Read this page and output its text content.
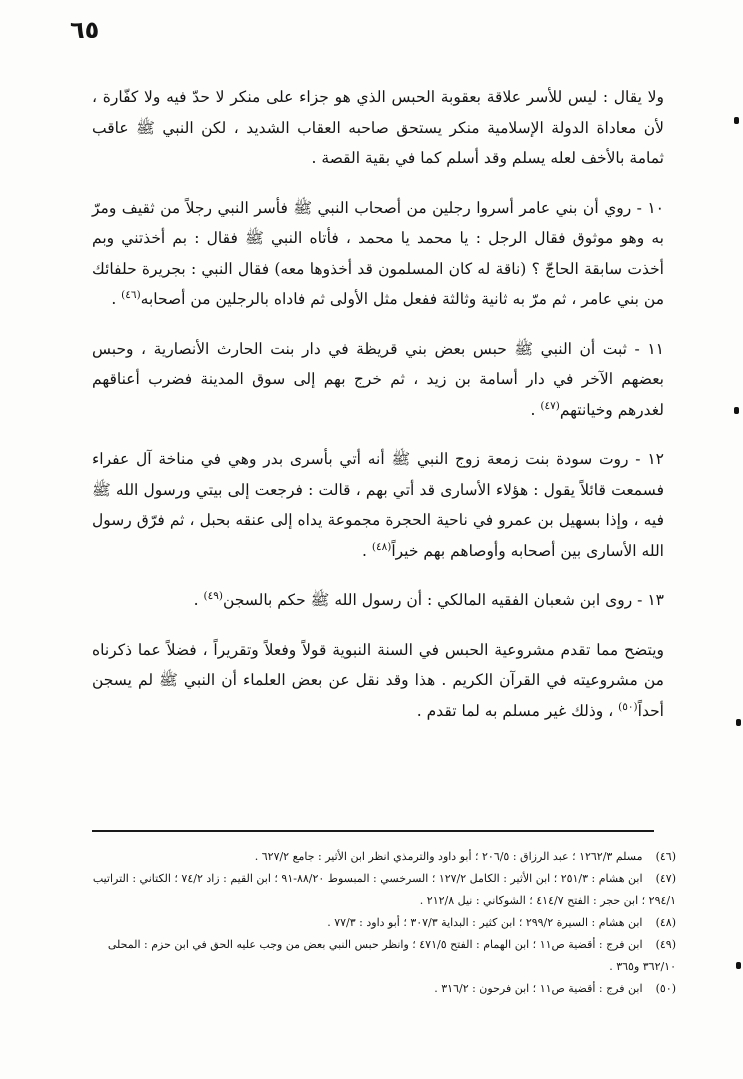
٦٥

ولا يقال : ليس للأسر علاقة بعقوبة الحبس الذي هو جزاء على منكر لا حدّ فيه ولا كفّارة ، لأن معاداة الدولة الإسلامية منكر يستحق صاحبه العقاب الشديد ، لكن النبي ﷺ عاقب ثمامة بالأخف لعله يسلم وقد أسلم كما في بقية القصة .

١٠ - روي أن بني عامر أسروا رجلين من أصحاب النبي ﷺ فأسر النبي رجلاً من ثقيف ومرّ به وهو موثوق فقال الرجل : يا محمد يا محمد ، فأتاه النبي ﷺ فقال : بم أخذتني وبم أخذت سابقة الحاجّ ؟ (ناقة له كان المسلمون قد أخذوها معه) فقال النبي : بجريرة حلفائك من بني عامر ، ثم مرّ به ثانية وثالثة ففعل مثل الأولى ثم فاداه بالرجلين من أصحابه$^{(٤٦)}$ .

١١ - ثبت أن النبي ﷺ حبس بعض بني قريظة في دار بنت الحارث الأنصارية ، وحبس بعضهم الآخر في دار أسامة بن زيد ، ثم خرج بهم إلى سوق المدينة فضرب أعناقهم لغدرهم وخيانتهم$^{(٤٧)}$ .

١٢ - روت سودة بنت زمعة زوج النبي ﷺ أنه أتي بأسرى بدر وهي في مناخة آل عفراء فسمعت قائلاً يقول : هؤلاء الأسارى قد أتي بهم ، قالت : فرجعت إلى بيتي ورسول الله ﷺ فيه ، وإذا بسهيل بن عمرو في ناحية الحجرة مجموعة يداه إلى عنقه بحبل ، ثم فرّق رسول الله الأسارى بين أصحابه وأوصاهم بهم خيراً$^{(٤٨)}$ .

١٣ - روى ابن شعبان الفقيه المالكي : أن رسول الله ﷺ حكم بالسجن$^{(٤٩)}$ .

ويتضح مما تقدم مشروعية الحبس في السنة النبوية قولاً وفعلاً وتقريراً ، فضلاً عما ذكرناه من مشروعيته في القرآن الكريم . هذا وقد نقل عن بعض العلماء أن النبي ﷺ لم يسجن أحداً$^{(٥٠)}$ ، وذلك غير مسلم به لما تقدم .

(٤٦) مسلم ١٢٦٢/٣ ؛ عبد الرزاق : ٢٠٦/٥ ؛ أبو داود والترمذي انظر ابن الأثير : جامع ٦٢٧/٢ .

(٤٧) ابن هشام : ٢٥١/٣ ؛ ابن الأثير : الكامل ١٢٧/٢ ؛ السرخسي : المبسوط ٨٨/٢٠-٩١ ؛ ابن القيم : زاد ٧٤/٢ ؛ الكتاني : التراتيب ٢٩٤/١ ؛ ابن حجر : الفتح ٤١٤/٧ ؛ الشوكاني : نيل ٢١٢/٨ .

(٤٨) ابن هشام : السيرة ٢٩٩/٢ ؛ ابن كثير : البداية ٣٠٧/٣ ؛ أبو داود : ٧٧/٣ .

(٤٩) ابن فرج : أقضية ص١١ ؛ ابن الهمام : الفتح ٤٧١/٥ ؛ وانظر حبس النبي بعض من وجب عليه الحق في ابن حزم : المحلى ٣٦٢/١٠ و٣٦٥ .

(٥٠) ابن فرج : أقضية ص١١ ؛ ابن فرحون : ٣١٦/٢ .
